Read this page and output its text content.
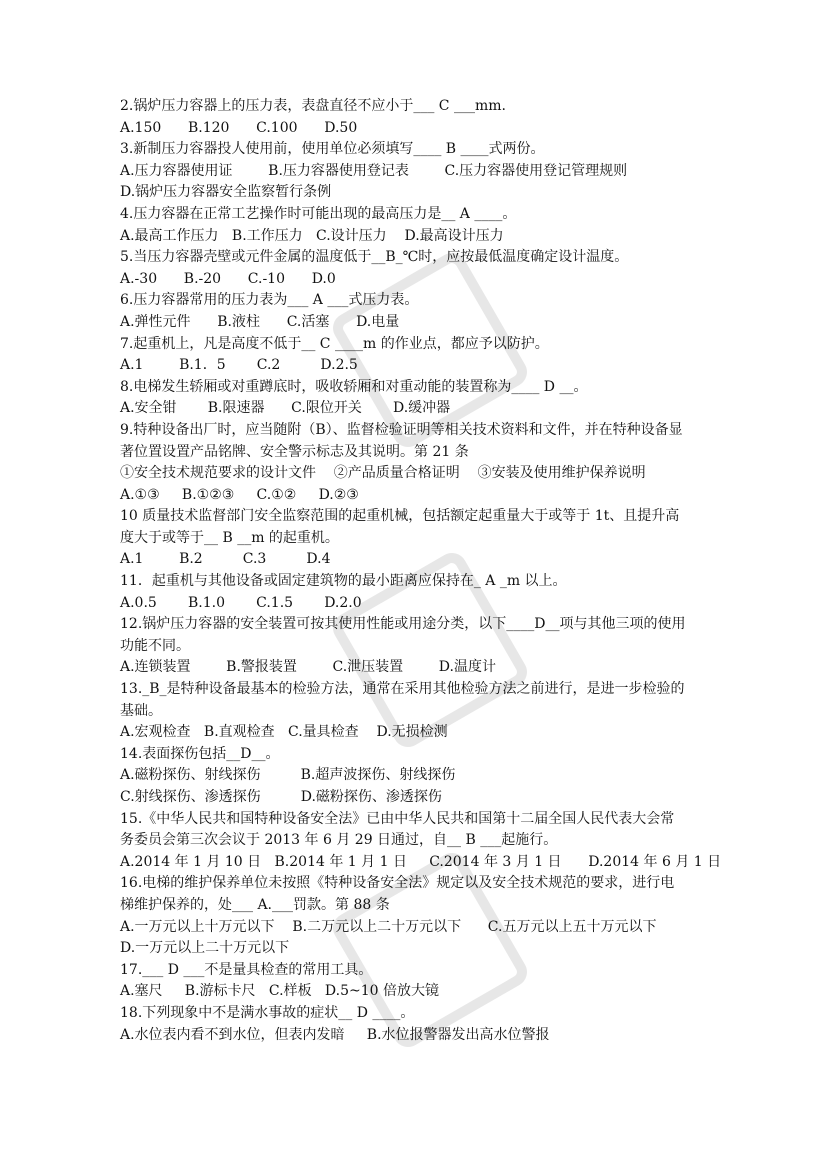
2.锅炉压力容器上的压力表，表盘直径不应小于___ C ___mm.
A.150      B.120      C.100      D.50
3.新制压力容器投人使用前，使用单位必须填写____ B ____式两份。
A.压力容器使用证        B.压力容器使用登记表        C.压力容器使用登记管理规则
D.锅炉压力容器安全监察暂行条例
4.压力容器在正常工艺操作时可能出现的最高压力是__ A ____。
A.最高工作压力   B.工作压力   C.设计压力    D.最高设计压力
5.当压力容器壳壁或元件金属的温度低于__B_℃时，应按最低温度确定设计温度。
A.-30      B.-20      C.-10      D.0
6.压力容器常用的压力表为___ A ___式压力表。
A.弹性元件      B.液柱      C.活塞      D.电量
7.起重机上，凡是高度不低于__ C ____m 的作业点，都应予以防护。
A.1        B.1．5       C.2         D.2.5
8.电梯发生轿厢或对重蹲底时，吸收轿厢和对重动能的装置称为____ D __。
A.安全钳       B.限速器      C.限位开关       D.缓冲器
9.特种设备出厂时，应当随附（B）、监督检验证明等相关技术资料和文件，并在特种设备显
著位置设置产品铭牌、安全警示标志及其说明。第 21 条
①安全技术规范要求的设计文件    ②产品质量合格证明    ③安装及使用维护保养说明
A.①③     B.①②③     C.①②     D.②③
10 质量技术监督部门安全监察范围的起重机械，包括额定起重量大于或等于 1t、且提升高
度大于或等于__ B __m 的起重机。
A.1        B.2         C.3         D.4
11．起重机与其他设备或固定建筑物的最小距离应保持在_ A _m 以上。
A.0.5       B.1.0       C.1.5       D.2.0
12.锅炉压力容器的安全装置可按其使用性能或用途分类，以下____D__项与其他三项的使用
功能不同。
A.连锁装置        B.警报装置        C.泄压装置        D.温度计
13._B_是特种设备最基本的检验方法，通常在采用其他检验方法之前进行，是进一步检验的
基础。
A.宏观检查   B.直观检查   C.量具检查    D.无损检测
14.表面探伤包括__D__。
A.磁粉探伤、射线探伤         B.超声波探伤、射线探伤
C.射线探伤、渗透探伤         D.磁粉探伤、渗透探伤
15.《中华人民共和国特种设备安全法》已由中华人民共和国第十二届全国人民代表大会常
务委员会第三次会议于 2013 年 6 月 29 日通过，自__ B ___起施行。
A.2014 年 1 月 10 日   B.2014 年 1 月 1 日     C.2014 年 3 月 1 日      D.2014 年 6 月 1 日
16.电梯的维护保养单位未按照《特种设备安全法》规定以及安全技术规范的要求，进行电
梯维护保养的，处___ A.___罚款。第 88 条
A.一万元以上十万元以下    B.二万元以上二十万元以下      C.五万元以上五十万元以下
D.一万元以上二十万元以下
17.___ D ___不是量具检查的常用工具。
A.塞尺     B.游标卡尺   C.样板   D.5~10 倍放大镜
18.下列现象中不是满水事故的症状__ D ____。
A.水位表内看不到水位，但表内发暗     B.水位报警器发出高水位警报
